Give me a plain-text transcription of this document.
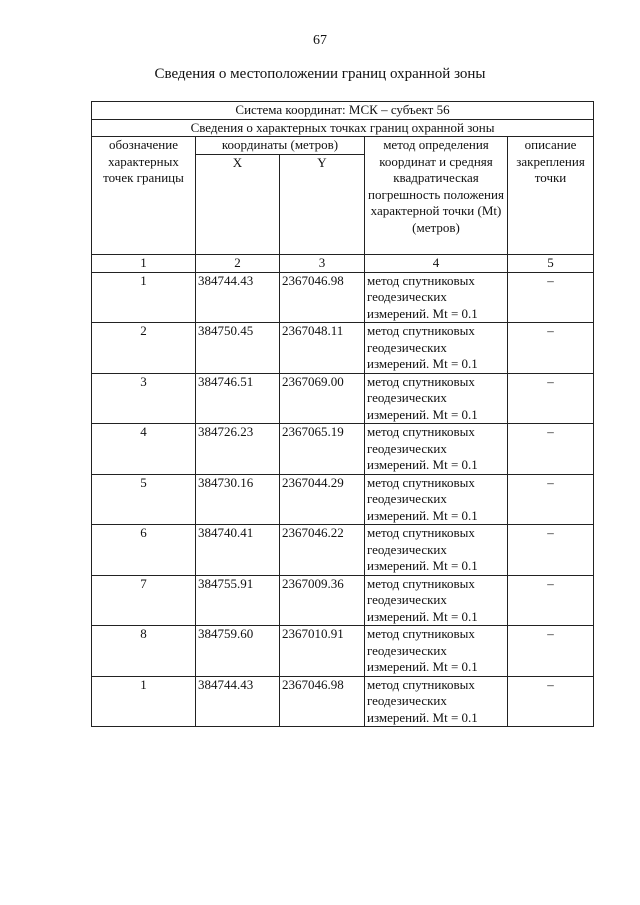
67
Сведения о местоположении границ охранной зоны
Система координат: МСК – субъект 56				
Сведения о характерных точках границ охранной зоны				
обозначение характерных точек границы	координаты (метров)		метод определения координат и средняя квадратическая погрешность положения характерной точки (Mt) (метров)	описание закрепления точки
	X	Y		
1	2	3	4	5
1	384744.43	2367046.98	метод спутниковых геодезических измерений. Mt = 0.1	–
2	384750.45	2367048.11	метод спутниковых геодезических измерений. Mt = 0.1	–
3	384746.51	2367069.00	метод спутниковых геодезических измерений. Mt = 0.1	–
4	384726.23	2367065.19	метод спутниковых геодезических измерений. Mt = 0.1	–
5	384730.16	2367044.29	метод спутниковых геодезических измерений. Mt = 0.1	–
6	384740.41	2367046.22	метод спутниковых геодезических измерений. Mt = 0.1	–
7	384755.91	2367009.36	метод спутниковых геодезических измерений. Mt = 0.1	–
8	384759.60	2367010.91	метод спутниковых геодезических измерений. Mt = 0.1	–
1	384744.43	2367046.98	метод спутниковых геодезических измерений. Mt = 0.1	–
